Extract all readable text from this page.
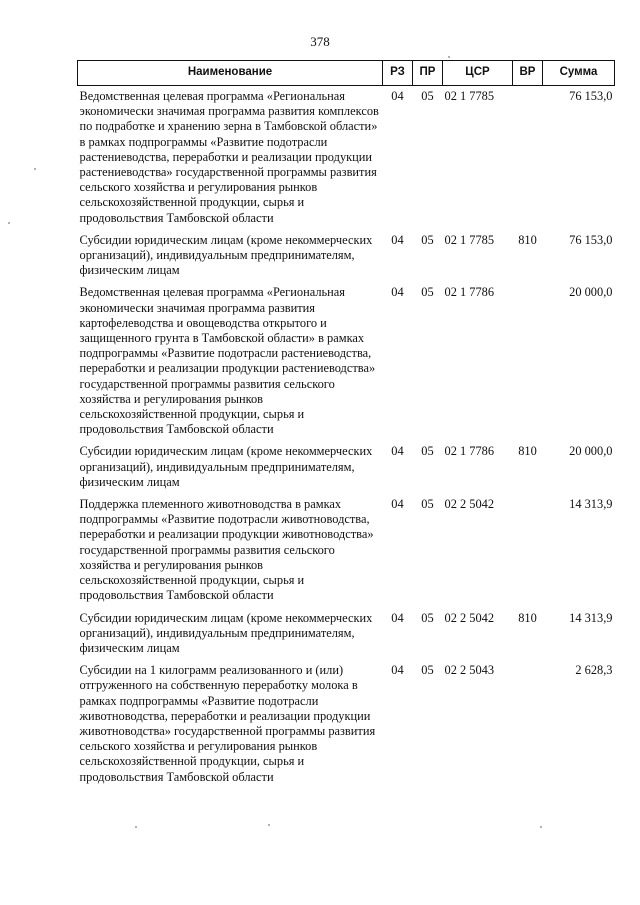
378
Наименование	РЗ	ПР	ЦСР	ВР	Сумма
Ведомственная целевая программа «Региональная экономически значимая программа развития комплексов по подработке и хранению зерна в Тамбовской области» в рамках подпрограммы «Развитие подотрасли растениеводства, переработки и реализации продукции растениеводства» государственной программы развития сельского хозяйства и регулирования рынков сельскохозяйственной продукции, сырья и продовольствия Тамбовской области	04	05	02 1 7785		76 153,0
Субсидии юридическим лицам (кроме некоммерческих организаций), индивидуальным предпринимателям, физическим лицам	04	05	02 1 7785	810	76 153,0
Ведомственная целевая программа «Региональная экономически значимая программа развития картофелеводства и овощеводства открытого и защищенного грунта в Тамбовской области» в рамках подпрограммы «Развитие подотрасли растениеводства, переработки и реализации продукции растениеводства» государственной программы развития сельского хозяйства и регулирования рынков сельскохозяйственной продукции, сырья и продовольствия Тамбовской области	04	05	02 1 7786		20 000,0
Субсидии юридическим лицам (кроме некоммерческих организаций), индивидуальным предпринимателям, физическим лицам	04	05	02 1 7786	810	20 000,0
Поддержка племенного животноводства в рамках подпрограммы «Развитие подотрасли животноводства, переработки и реализации продукции животноводства» государственной программы развития сельского хозяйства и регулирования рынков сельскохозяйственной продукции, сырья и продовольствия Тамбовской области	04	05	02 2 5042		14 313,9
Субсидии юридическим лицам (кроме некоммерческих организаций), индивидуальным предпринимателям, физическим лицам	04	05	02 2 5042	810	14 313,9
Субсидии на 1 килограмм реализованного и (или) отгруженного на собственную переработку молока в рамках подпрограммы «Развитие подотрасли животноводства, переработки и реализации продукции животноводства» государственной программы развития сельского хозяйства и регулирования рынков сельскохозяйственной продукции, сырья и продовольствия Тамбовской области	04	05	02 2 5043		2 628,3
